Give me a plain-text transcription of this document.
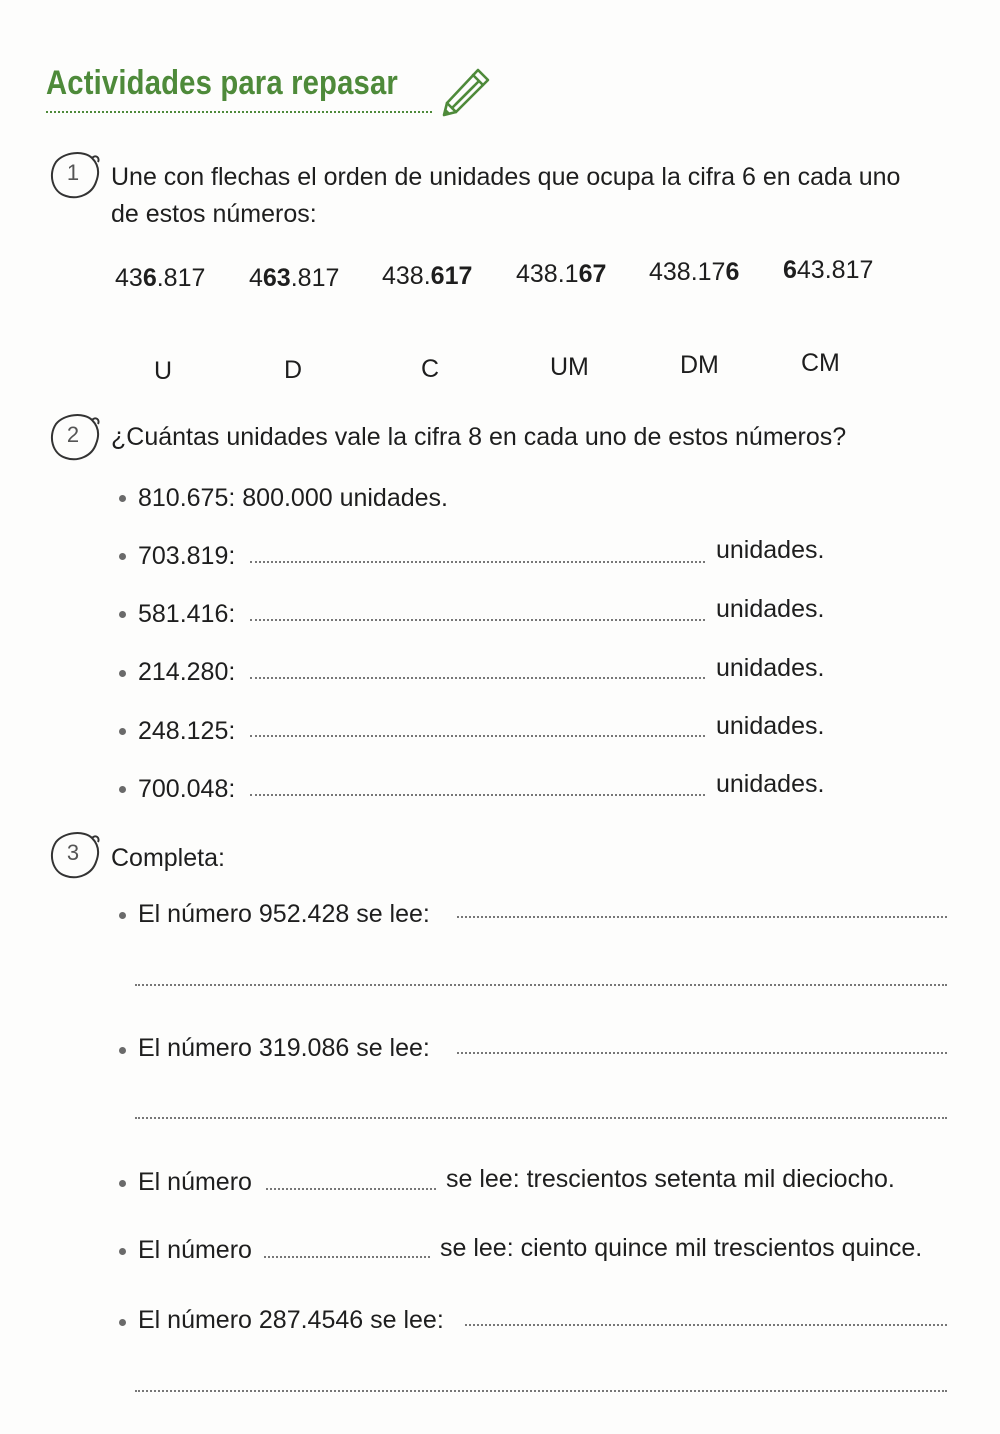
Actividades para repasar
1	Une con flechas el orden de unidades que ocupa la cifra 6 en cada uno
de estos números:
436.817 463.817 438.617 438.167 438.176 643.817
U	D	C	UM	DM	CM
2	¿Cuántas unidades vale la cifra 8 en cada uno de estos números?
810.675: 800.000 unidades.
703.819:	unidades.
581.416:	unidades.
214.280:	unidades.
248.125:	unidades.
700.048:	unidades.
3	Completa:
El número 952.428 se lee:
El número 319.086 se lee:
El número	se lee: trescientos setenta mil dieciocho.
El número	se lee: ciento quince mil trescientos quince.
El número 287.4546 se lee:
